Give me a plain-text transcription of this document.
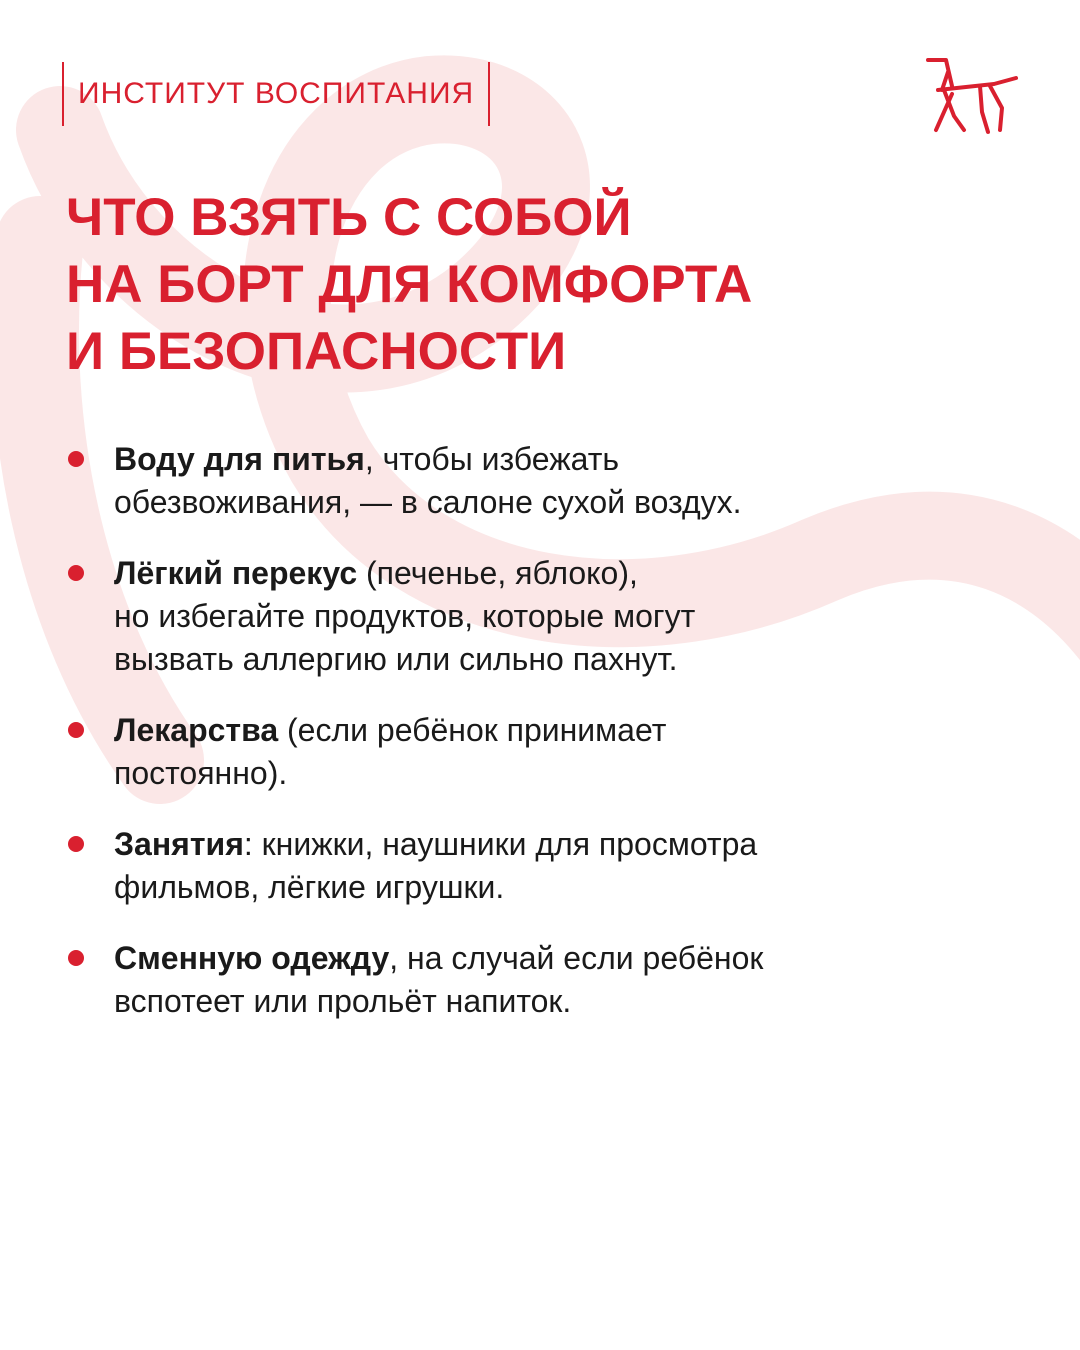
ИНСТИТУТ ВОСПИТАНИЯ
ЧТО ВЗЯТЬ С СОБОЙ
НА БОРТ ДЛЯ КОМФОРТА
И БЕЗОПАСНОСТИ
Воду для питья, чтобы избежать
обезвоживания, — в салоне сухой воздух.
Лёгкий перекус (печенье, яблоко),
но избегайте продуктов, которые могут
вызвать аллергию или сильно пахнут.
Лекарства (если ребёнок принимает
постоянно).
Занятия: книжки, наушники для просмотра
фильмов, лёгкие игрушки.
Сменную одежду, на случай если ребёнок
вспотеет или прольёт напиток.
